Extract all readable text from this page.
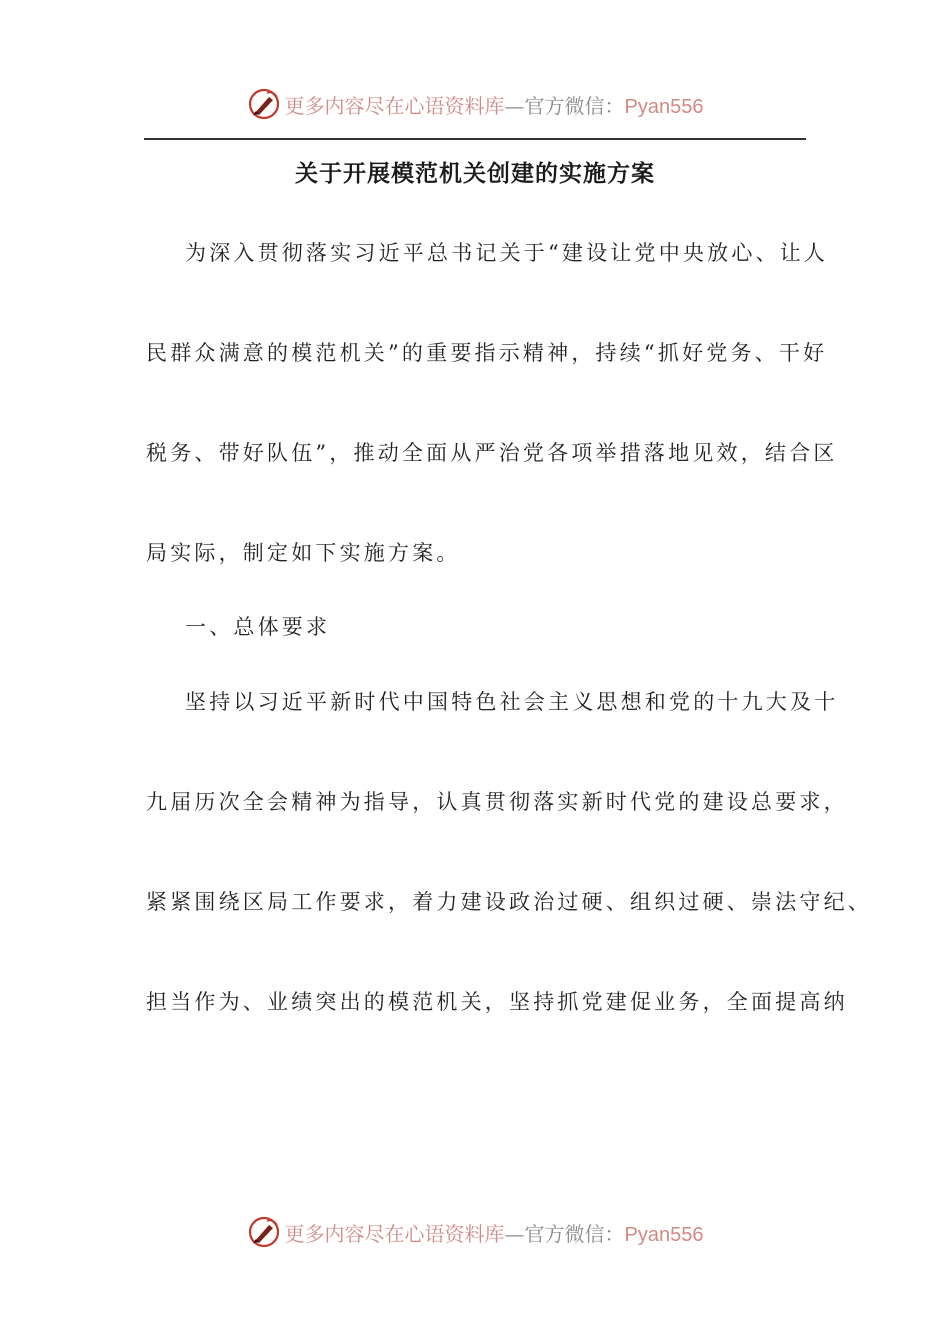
更多内容尽在心语资料库—官方微信：Pyan556
关于开展模范机关创建的实施方案
为深入贯彻落实习近平总书记关于“建设让党中央放心、让人
民群众满意的模范机关”的重要指示精神，持续“抓好党务、干好
税务、带好队伍”，推动全面从严治党各项举措落地见效，结合区
局实际，制定如下实施方案。
一、总体要求
坚持以习近平新时代中国特色社会主义思想和党的十九大及十
九届历次全会精神为指导，认真贯彻落实新时代党的建设总要求，
紧紧围绕区局工作要求，着力建设政治过硬、组织过硬、崇法守纪、
担当作为、业绩突出的模范机关，坚持抓党建促业务，全面提高纳
更多内容尽在心语资料库—官方微信：Pyan556
